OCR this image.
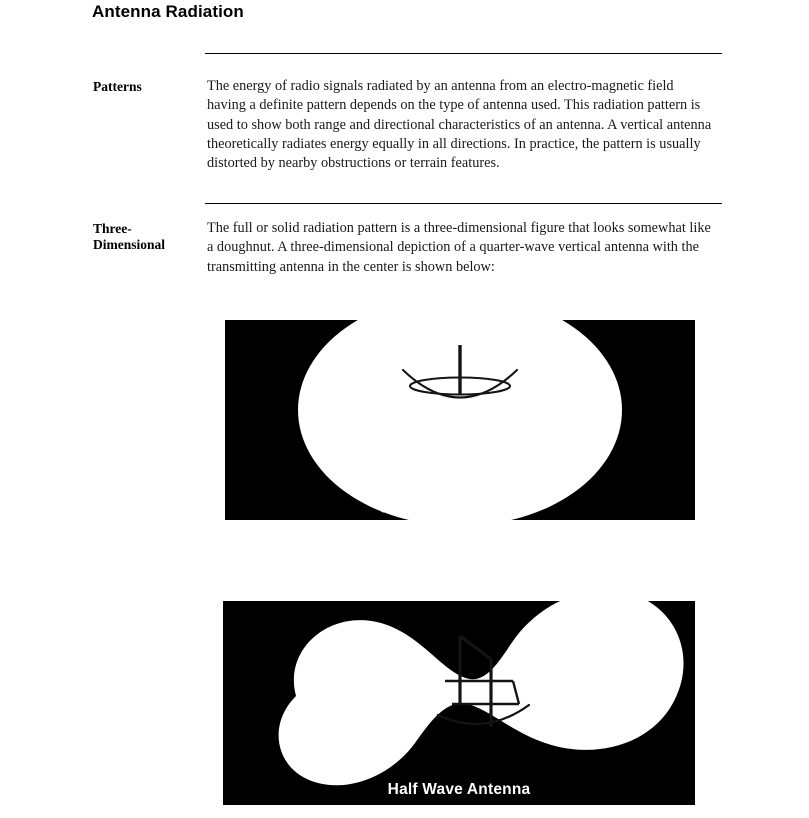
Antenna Radiation
Patterns	The energy of radio signals radiated by an antenna from an electro-magnetic field having a definite pattern depends on the type of antenna used. This radiation pattern is used to show both range and directional characteristics of an antenna. A vertical antenna theoretically radiates energy equally in all directions. In practice, the pattern is usually distorted by nearby obstructions or terrain features.
Three-
Dimensional
The full or solid radiation pattern is a three-dimensional figure that looks somewhat like a doughnut. A three-dimensional depiction of a quarter-wave vertical antenna with the transmitting antenna in the center is shown below:
Quarter Wave Antenna
Half Wave Antenna
